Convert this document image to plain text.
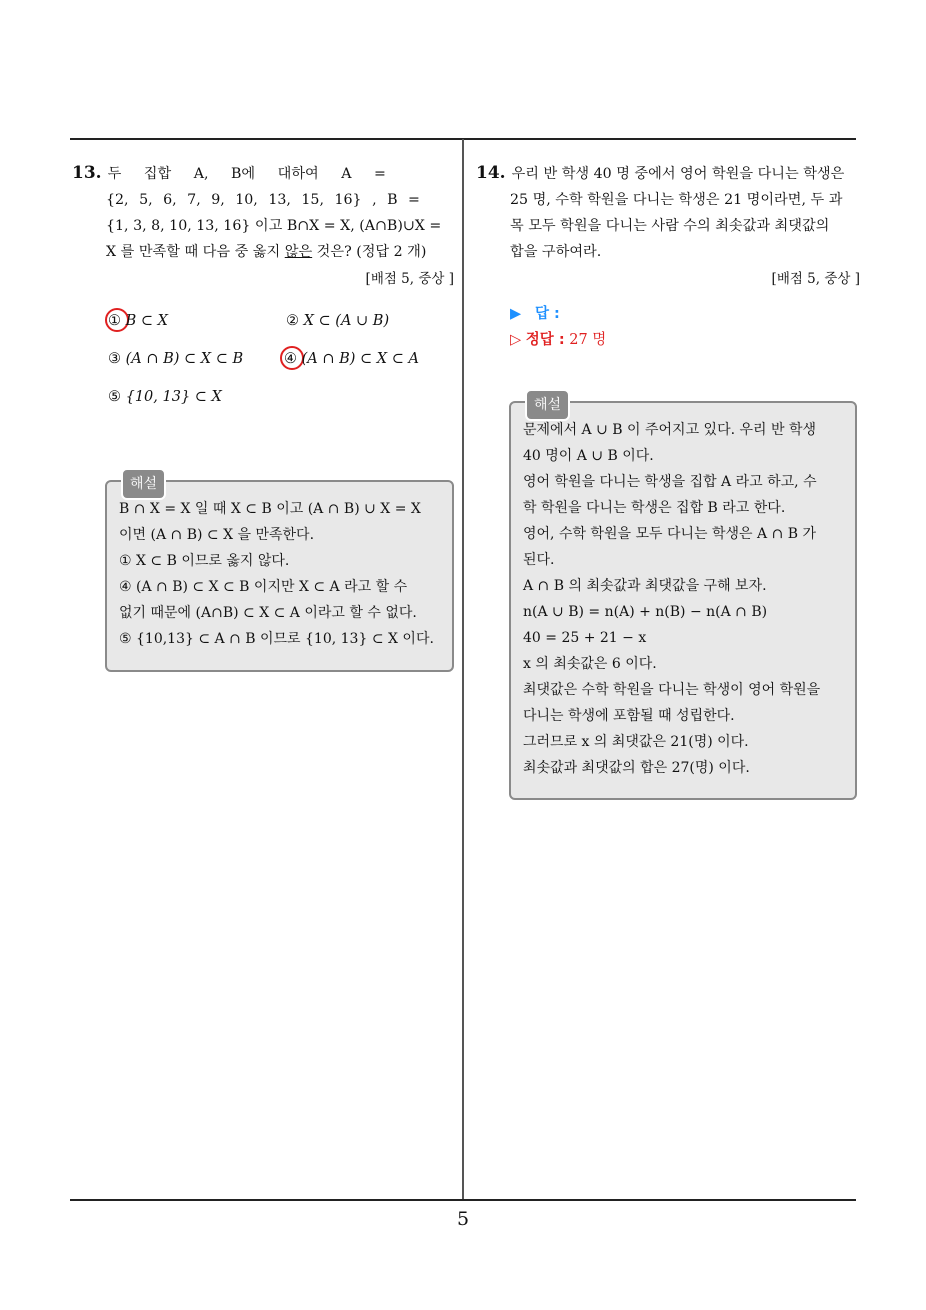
5
13. 두 집합 A, B에 대하여 A =
{2, 5, 6, 7, 9, 10, 13, 15, 16} , B =
{1, 3, 8, 10, 13, 16} 이고 B∩X = X, (A∩B)∪X =
X 를 만족할 때 다음 중 옳지 않은 것은? (정답 2 개)
[배점 5, 중상 ]
① B ⊂ X	② X ⊂ (A ∪ B)
③ (A ∩ B) ⊂ X ⊂ B	④ (A ∩ B) ⊂ X ⊂ A
⑤ {10, 13} ⊂ X
해설
B ∩ X = X 일 때 X ⊂ B 이고 (A ∩ B) ∪ X = X
이면 (A ∩ B) ⊂ X 을 만족한다.
① X ⊂ B 이므로 옳지 않다.
④ (A ∩ B) ⊂ X ⊂ B 이지만 X ⊂ A 라고 할 수
없기 때문에 (A∩B) ⊂ X ⊂ A 이라고 할 수 없다.
⑤ {10,13} ⊂ A ∩ B 이므로 {10, 13} ⊂ X 이다.
14. 우리 반 학생 40 명 중에서 영어 학원을 다니는 학생은
25 명, 수학 학원을 다니는 학생은 21 명이라면, 두 과
목 모두 학원을 다니는 사람 수의 최솟값과 최댓값의
합을 구하여라.
[배점 5, 중상 ]
▶ 답 :
▷ 정답 : 27 명
해설
문제에서 A ∪ B 이 주어지고 있다. 우리 반 학생
40 명이 A ∪ B 이다.
영어 학원을 다니는 학생을 집합 A 라고 하고, 수
학 학원을 다니는 학생은 집합 B 라고 한다.
영어, 수학 학원을 모두 다니는 학생은 A ∩ B 가
된다.
A ∩ B 의 최솟값과 최댓값을 구해 보자.
n(A ∪ B) = n(A) + n(B) − n(A ∩ B)
40 = 25 + 21 − x
x 의 최솟값은 6 이다.
최댓값은 수학 학원을 다니는 학생이 영어 학원을
다니는 학생에 포함될 때 성립한다.
그러므로 x 의 최댓값은 21(명) 이다.
최솟값과 최댓값의 합은 27(명) 이다.
